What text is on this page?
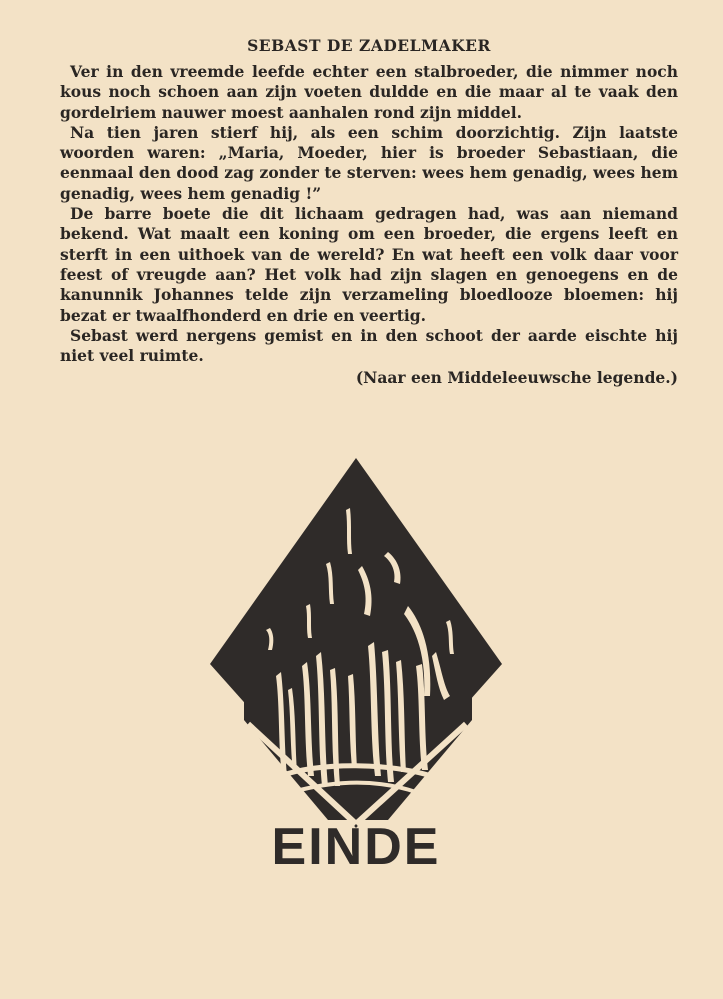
SEBAST DE ZADELMAKER

Ver in den vreemde leefde echter een stalbroeder, die nimmer noch kous noch schoen aan zijn voeten duldde en die maar al te vaak den gordelriem nauwer moest aanhalen rond zijn middel.

Na tien jaren stierf hij, als een schim doorzichtig. Zijn laatste woorden waren: „Maria, Moeder, hier is broeder Sebastiaan, die eenmaal den dood zag zonder te sterven: wees hem genadig, wees hem genadig, wees hem genadig !”

De barre boete die dit lichaam gedragen had, was aan niemand bekend. Wat maalt een koning om een broeder, die ergens leeft en sterft in een uithoek van de wereld? En wat heeft een volk daar voor feest of vreugde aan? Het volk had zijn slagen en genoegens en de kanunnik Johannes telde zijn verzameling bloedlooze bloemen: hij bezat er twaalfhonderd en drie en veertig.

Sebast werd nergens gemist en in den schoot der aarde eischte hij niet veel ruimte.

(Naar een Middeleeuwsche legende.)
EINDE
